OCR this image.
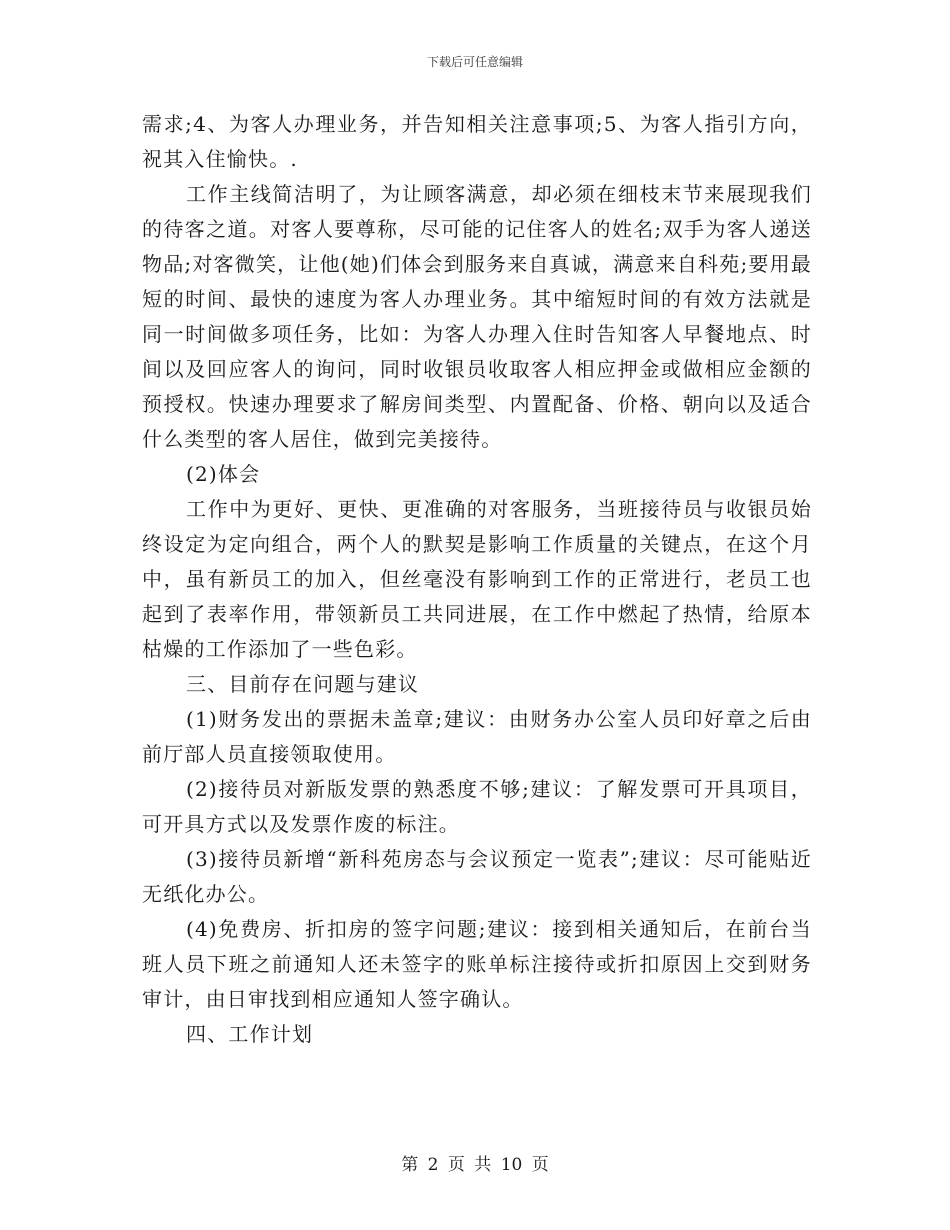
下载后可任意编辑

需求;4、为客人办理业务，并告知相关注意事项;5、为客人指引方向，祝其入住愉快。.

工作主线简洁明了，为让顾客满意，却必须在细枝末节来展现我们的待客之道。对客人要尊称，尽可能的记住客人的姓名;双手为客人递送物品;对客微笑，让他(她)们体会到服务来自真诚，满意来自科苑;要用最短的时间、最快的速度为客人办理业务。其中缩短时间的有效方法就是同一时间做多项任务，比如：为客人办理入住时告知客人早餐地点、时间以及回应客人的询问，同时收银员收取客人相应押金或做相应金额的预授权。快速办理要求了解房间类型、内置配备、价格、朝向以及适合什么类型的客人居住，做到完美接待。

(2)体会

工作中为更好、更快、更准确的对客服务，当班接待员与收银员始终设定为定向组合，两个人的默契是影响工作质量的关键点，在这个月中，虽有新员工的加入，但丝毫没有影响到工作的正常进行，老员工也起到了表率作用，带领新员工共同进展，在工作中燃起了热情，给原本枯燥的工作添加了一些色彩。

三、目前存在问题与建议

(1)财务发出的票据未盖章;建议：由财务办公室人员印好章之后由前厅部人员直接领取使用。

(2)接待员对新版发票的熟悉度不够;建议：了解发票可开具项目，可开具方式以及发票作废的标注。

(3)接待员新增“新科苑房态与会议预定一览表”;建议：尽可能贴近无纸化办公。

(4)免费房、折扣房的签字问题;建议：接到相关通知后，在前台当班人员下班之前通知人还未签字的账单标注接待或折扣原因上交到财务审计，由日审找到相应通知人签字确认。

四、工作计划

第 2 页 共 10 页
